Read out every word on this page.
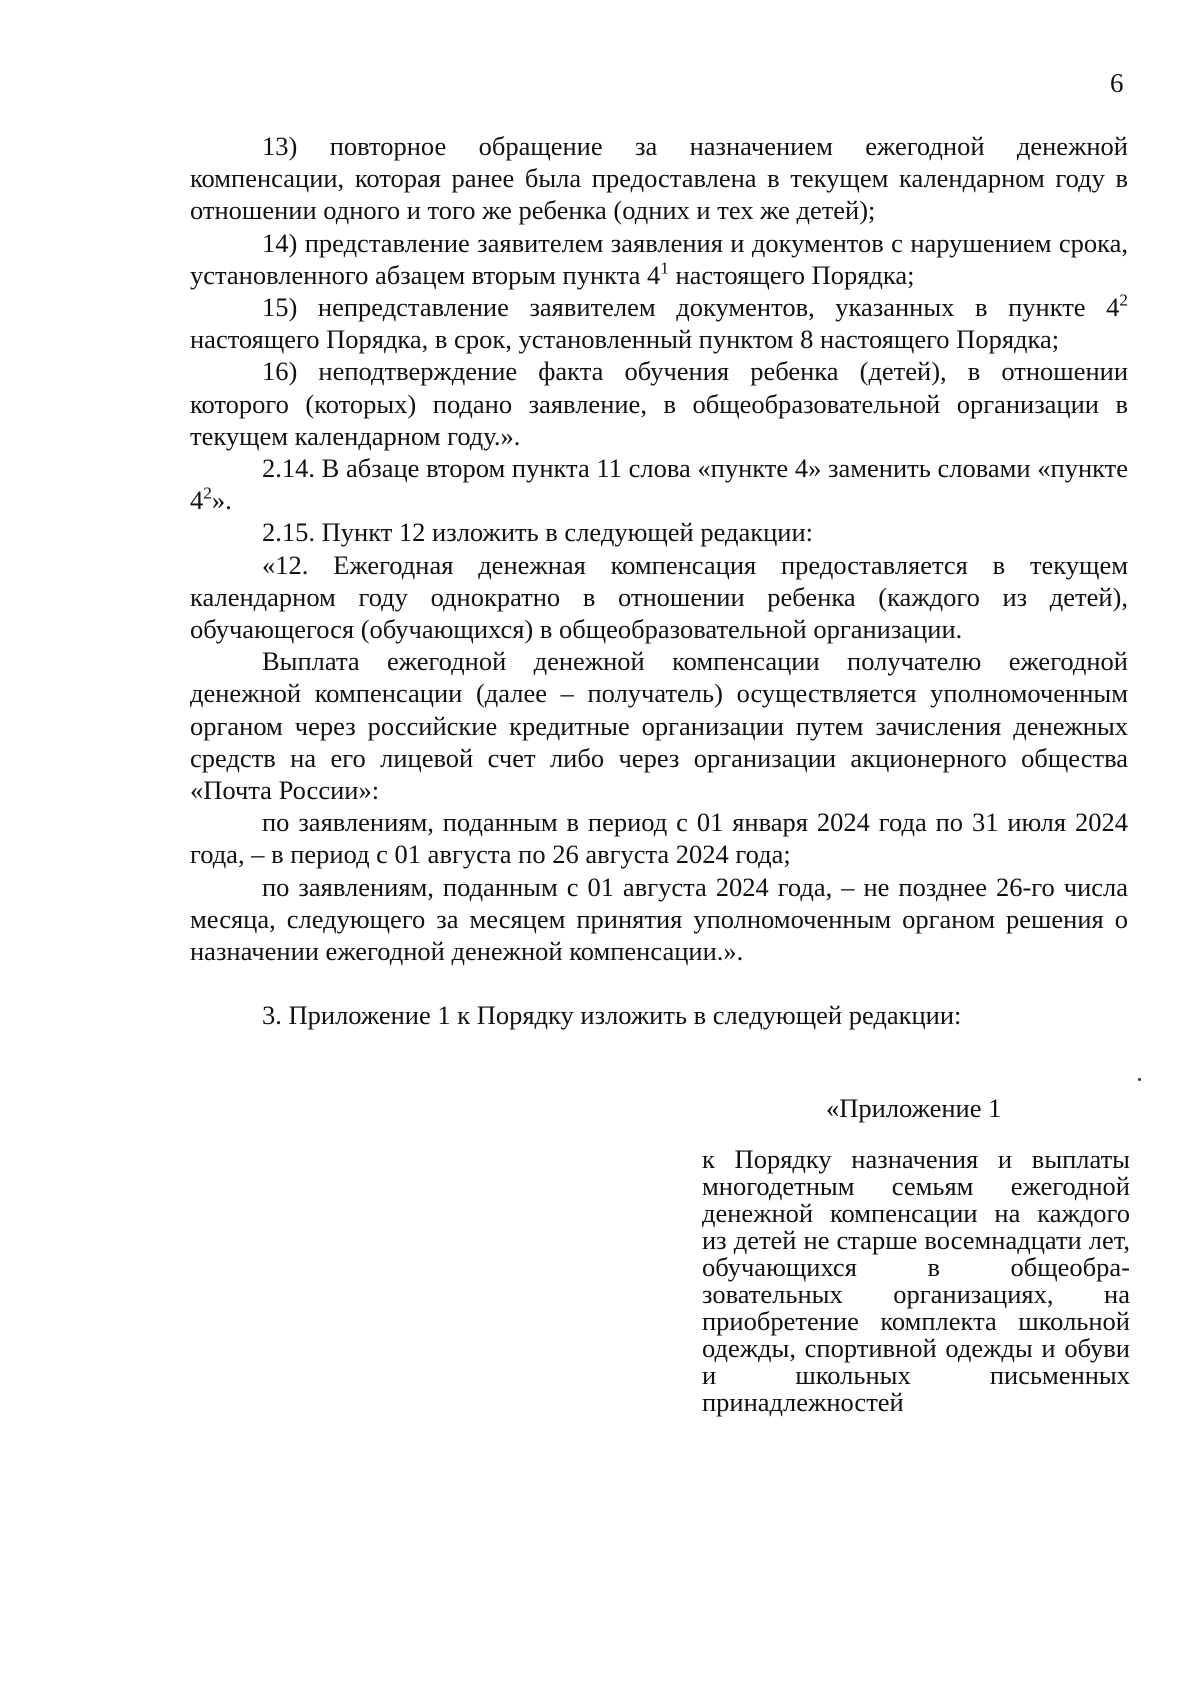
6

13) повторное обращение за назначением ежегодной денежной компенсации, которая ранее была предоставлена в текущем календарном году в отношении одного и того же ребенка (одних и тех же детей);

14) представление заявителем заявления и документов с нарушением срока, установленного абзацем вторым пункта $4^1$ настоящего Порядка;

15) непредставление заявителем документов, указанных в пункте $4^2$ настоящего Порядка, в срок, установленный пунктом 8 настоящего Порядка;

16) неподтверждение факта обучения ребенка (детей), в отношении которого (которых) подано заявление, в общеобразовательной организации в текущем календарном году.».

2.14. В абзаце втором пункта 11 слова «пункте 4» заменить словами «пункте $4^2$».

2.15. Пункт 12 изложить в следующей редакции:

«12. Ежегодная денежная компенсация предоставляется в текущем календарном году однократно в отношении ребенка (каждого из детей), обучающегося (обучающихся) в общеобразовательной организации.

Выплата ежегодной денежной компенсации получателю ежегодной денежной компенсации (далее – получатель) осуществляется уполномоченным органом через российские кредитные организации путем зачисления денежных средств на его лицевой счет либо через организации акционерного общества «Почта России»:

по заявлениям, поданным в период с 01 января 2024 года по 31 июля 2024 года, – в период с 01 августа по 26 августа 2024 года;

по заявлениям, поданным с 01 августа 2024 года, – не позднее 26-го числа месяца, следующего за месяцем принятия уполномоченным органом решения о назначении ежегодной денежной компенсации.».

3. Приложение 1 к Порядку изложить в следующей редакции:

«Приложение 1
к Порядку назначения и выплаты многодетным семьям ежегодной денежной компенсации на каждого из детей не старше восемнадцати лет, обучающихся в общеобра-зовательных организациях, на приобретение комплекта школьной одежды, спортивной одежды и обуви и школьных письменных принадлежностей
